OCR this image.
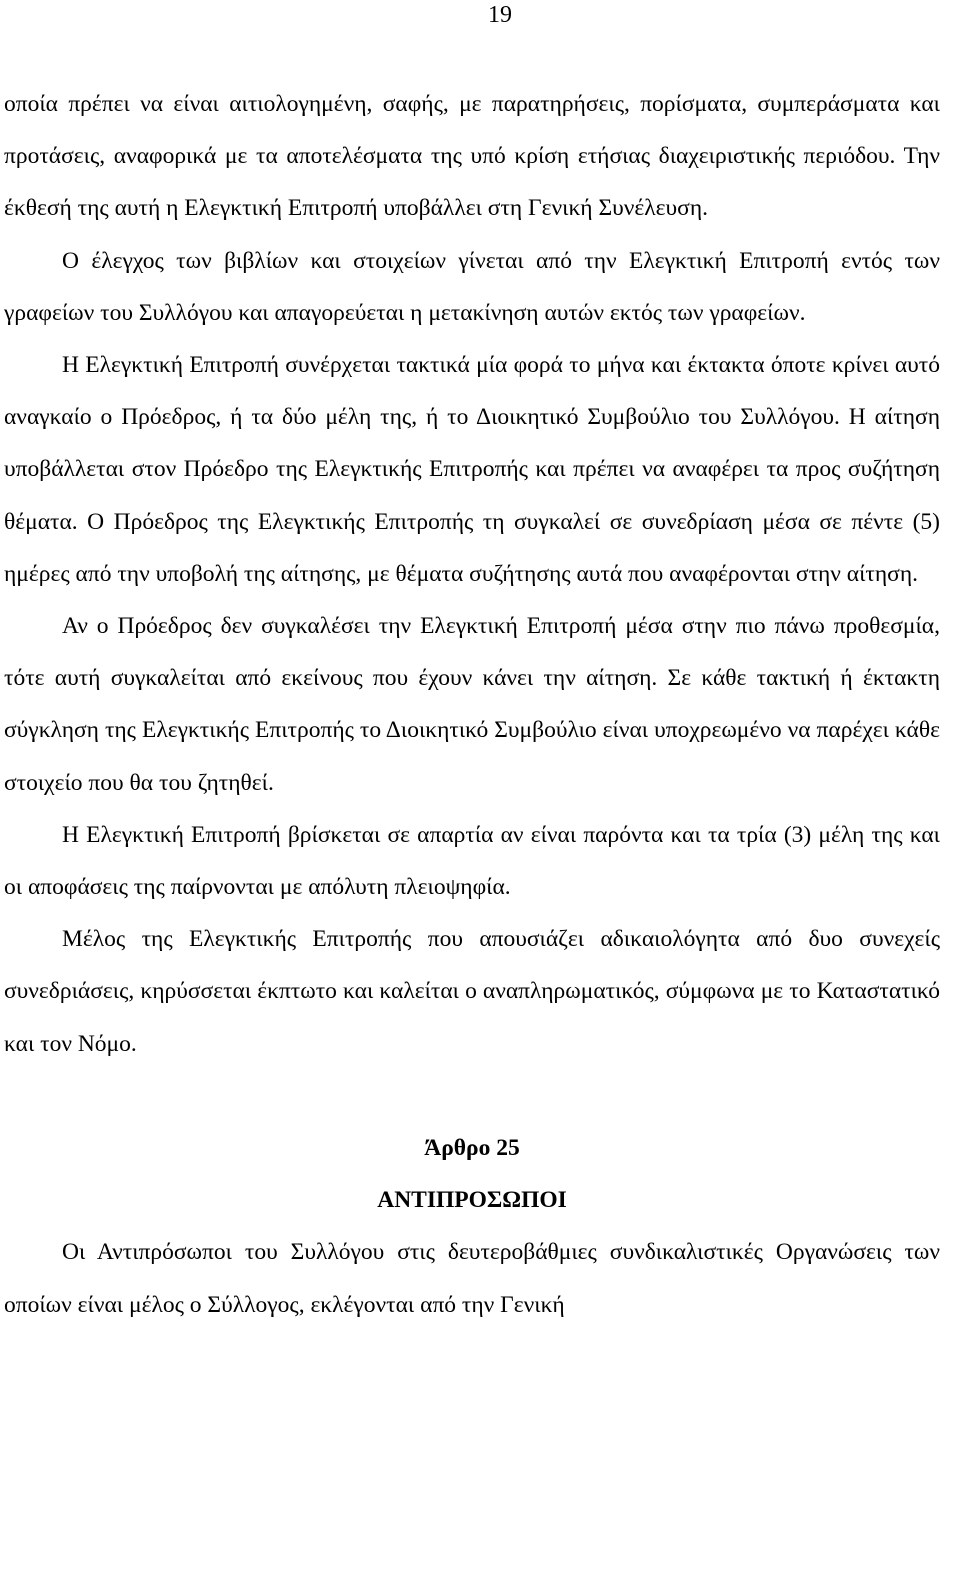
19

οποία πρέπει να είναι αιτιολογημένη, σαφής, με παρατηρήσεις, πορίσματα, συμπεράσματα και προτάσεις, αναφορικά με τα αποτελέσματα της υπό κρίση ετήσιας διαχειριστικής περιόδου. Την έκθεσή της αυτή η Ελεγκτική Επιτροπή υποβάλλει στη Γενική Συνέλευση.

Ο έλεγχος των βιβλίων και στοιχείων γίνεται από την Ελεγκτική Επιτροπή εντός των γραφείων του Συλλόγου και απαγορεύεται η μετακίνηση αυτών εκτός των γραφείων.

Η Ελεγκτική Επιτροπή συνέρχεται τακτικά μία φορά το μήνα και έκτακτα όποτε κρίνει αυτό αναγκαίο ο Πρόεδρος, ή τα δύο μέλη της, ή το Διοικητικό Συμβούλιο του Συλλόγου. Η αίτηση υποβάλλεται στον Πρόεδρο της Ελεγκτικής Επιτροπής και πρέπει να αναφέρει τα προς συζήτηση θέματα. Ο Πρόεδρος της Ελεγκτικής Επιτροπής τη συγκαλεί σε συνεδρίαση μέσα σε πέντε (5) ημέρες από την υποβολή της αίτησης, με θέματα συζήτησης αυτά που αναφέρονται στην αίτηση.

Αν ο Πρόεδρος δεν συγκαλέσει την Ελεγκτική Επιτροπή μέσα στην πιο πάνω προθεσμία, τότε αυτή συγκαλείται από εκείνους που έχουν κάνει την αίτηση. Σε κάθε τακτική ή έκτακτη σύγκληση της Ελεγκτικής Επιτροπής το Διοικητικό Συμβούλιο είναι υποχρεωμένο να παρέχει κάθε στοιχείο που θα του ζητηθεί.

Η Ελεγκτική Επιτροπή βρίσκεται σε απαρτία αν είναι παρόντα και τα τρία (3) μέλη της και οι αποφάσεις της παίρνονται με απόλυτη πλειοψηφία.

Μέλος της Ελεγκτικής Επιτροπής που απουσιάζει αδικαιολόγητα από δυο συνεχείς συνεδριάσεις, κηρύσσεται έκπτωτο και καλείται ο αναπληρωματικός, σύμφωνα με το Καταστατικό και τον Νόμο.

Άρθρο 25

ΑΝΤΙΠΡΟΣΩΠΟΙ

Οι Αντιπρόσωποι του Συλλόγου στις δευτεροβάθμιες συνδικαλιστικές Οργανώσεις των οποίων είναι μέλος ο Σύλλογος, εκλέγονται από την Γενική
